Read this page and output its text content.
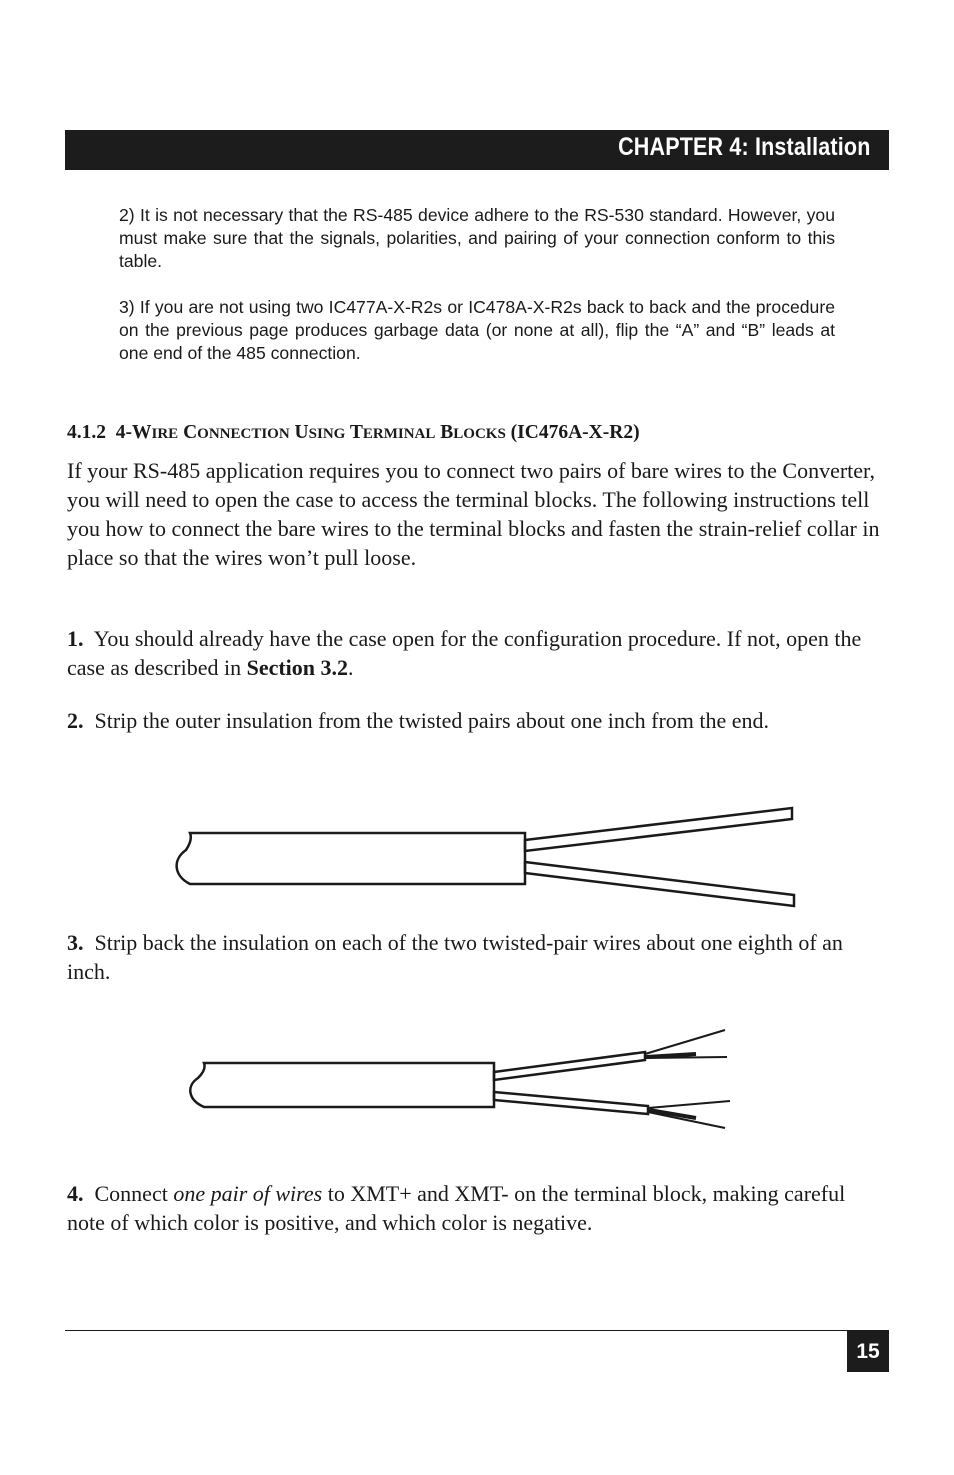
CHAPTER 4: Installation

2) It is not necessary that the RS-485 device adhere to the RS-530 standard. However, you must make sure that the signals, polarities, and pairing of your connection conform to this table.

3) If you are not using two IC477A-X-R2s or IC478A-X-R2s back to back and the procedure on the previous page produces garbage data (or none at all), flip the “A” and “B” leads at one end of the 485 connection.

4.1.2 4-WIRE CONNECTION USING TERMINAL BLOCKS (IC476A-X-R2)

If your RS-485 application requires you to connect two pairs of bare wires to the Converter, you will need to open the case to access the terminal blocks. The following instructions tell you how to connect the bare wires to the terminal blocks and fasten the strain-relief collar in place so that the wires won’t pull loose.

1. You should already have the case open for the configuration procedure. If not, open the case as described in Section 3.2.

2. Strip the outer insulation from the twisted pairs about one inch from the end.

3. Strip back the insulation on each of the two twisted-pair wires about one eighth of an inch.

4. Connect one pair of wires to XMT+ and XMT- on the terminal block, making careful note of which color is positive, and which color is negative.

15
